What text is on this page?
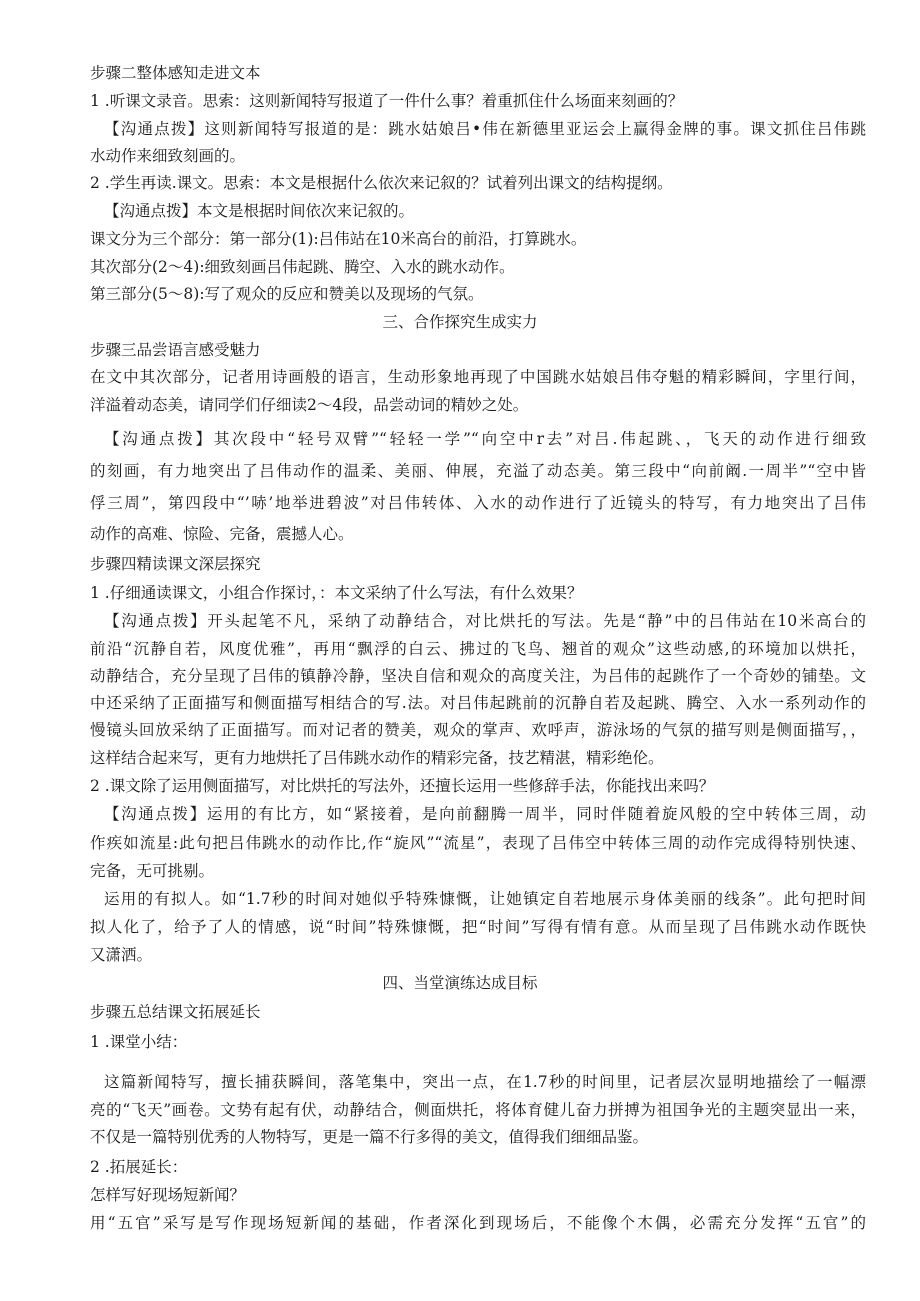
步骤二整体感知走进文本
1 .听课文录音。思索：这则新闻特写报道了一件什么事？着重抓住什么场面来刻画的？
【沟通点拨】这则新闻特写报道的是：跳水姑娘吕•伟在新德里亚运会上赢得金牌的事。课文抓住吕伟跳
水动作来细致刻画的。
2 .学生再读.课文。思索：本文是根据什么依次来记叙的？试着列出课文的结构提纲。
【沟通点拨】本文是根据时间依次来记叙的。
课文分为三个部分：第一部分(1):吕伟站在10米高台的前沿，打算跳水。
其次部分(2～4):细致刻画吕伟起跳、腾空、入水的跳水动作。
第三部分(5～8):写了观众的反应和赞美以及现场的气氛。
三、合作探究生成实力
步骤三品尝语言感受魅力
在文中其次部分，记者用诗画般的语言，生动形象地再现了中国跳水姑娘吕伟夺魁的精彩瞬间，字里行间，
洋溢着动态美，请同学们仔细读2～4段，品尝动词的精妙之处。
【沟通点拨】其次段中“轻号双臂”“轻轻一学”“向空中r去”对吕.伟起跳、，飞天的动作进行细致
的刻画，有力地突出了吕伟动作的温柔、美丽、伸展，充溢了动态美。第三段中“向前阚.一周半”“空中皆
俘三周”，第四段中“’哧’地举进碧波”对吕伟转体、入水的动作进行了近镜头的特写，有力地突出了吕伟
动作的高难、惊险、完备，震撼人心。
步骤四精读课文深层探究
1 .仔细通读课文，小组合作探讨，：本文采纳了什么写法，有什么效果？
【沟通点拨】开头起笔不凡，采纳了动静结合，对比烘托的写法。先是“静”中的吕伟站在10米高台的
前沿“沉静自若，风度优雅”，再用“飘浮的白云、拂过的飞鸟、翘首的观众”这些动感,的环境加以烘托，
动静结合，充分呈现了吕伟的镇静冷静，坚决自信和观众的高度关注，为吕伟的起跳作了一个奇妙的铺垫。文
中还采纳了正面描写和侧面描写相结合的写.法。对吕伟起跳前的沉静自若及起跳、腾空、入水一系列动作的
慢镜头回放采纳了正面描写。而对记者的赞美，观众的掌声、欢呼声，游泳场的气氛的描写则是侧面描写，，
这样结合起来写，更有力地烘托了吕伟跳水动作的精彩完备，技艺精湛，精彩绝伦。
2 .课文除了运用侧面描写，对比烘托的写法外，还擅长运用一些修辞手法，你能找出来吗？
【沟通点拨】运用的有比方，如“紧接着，是向前翻腾一周半，同时伴随着旋风般的空中转体三周，动
作疾如流星:此句把吕伟跳水的动作比,作“旋风”“流星”，表现了吕伟空中转体三周的动作完成得特别快速、
完备，无可挑剔。
运用的有拟人。如“1.7秒的时间对她似乎特殊慷慨，让她镇定自若地展示身体美丽的线条”。此句把时间
拟人化了，给予了人的情感，说“时间”特殊慷慨，把“时间”写得有情有意。从而呈现了吕伟跳水动作既快
又潇洒。
四、当堂演练达成目标
步骤五总结课文拓展延长
1 .课堂小结：
这篇新闻特写，擅长捕获瞬间，落笔集中，突出一点，在1.7秒的时间里，记者层次显明地描绘了一幅漂
亮的“飞天”画卷。文势有起有伏，动静结合，侧面烘托，将体育健儿奋力拼搏为祖国争光的主题突显出一来，
不仅是一篇特别优秀的人物特写，更是一篇不行多得的美文，值得我们细细品鉴。
2 .拓展延长：
怎样写好现场短新闻？
用“五官”采写是写作现场短新闻的基础，作者深化到现场后，不能像个木偶，必需充分发挥“五官”的
